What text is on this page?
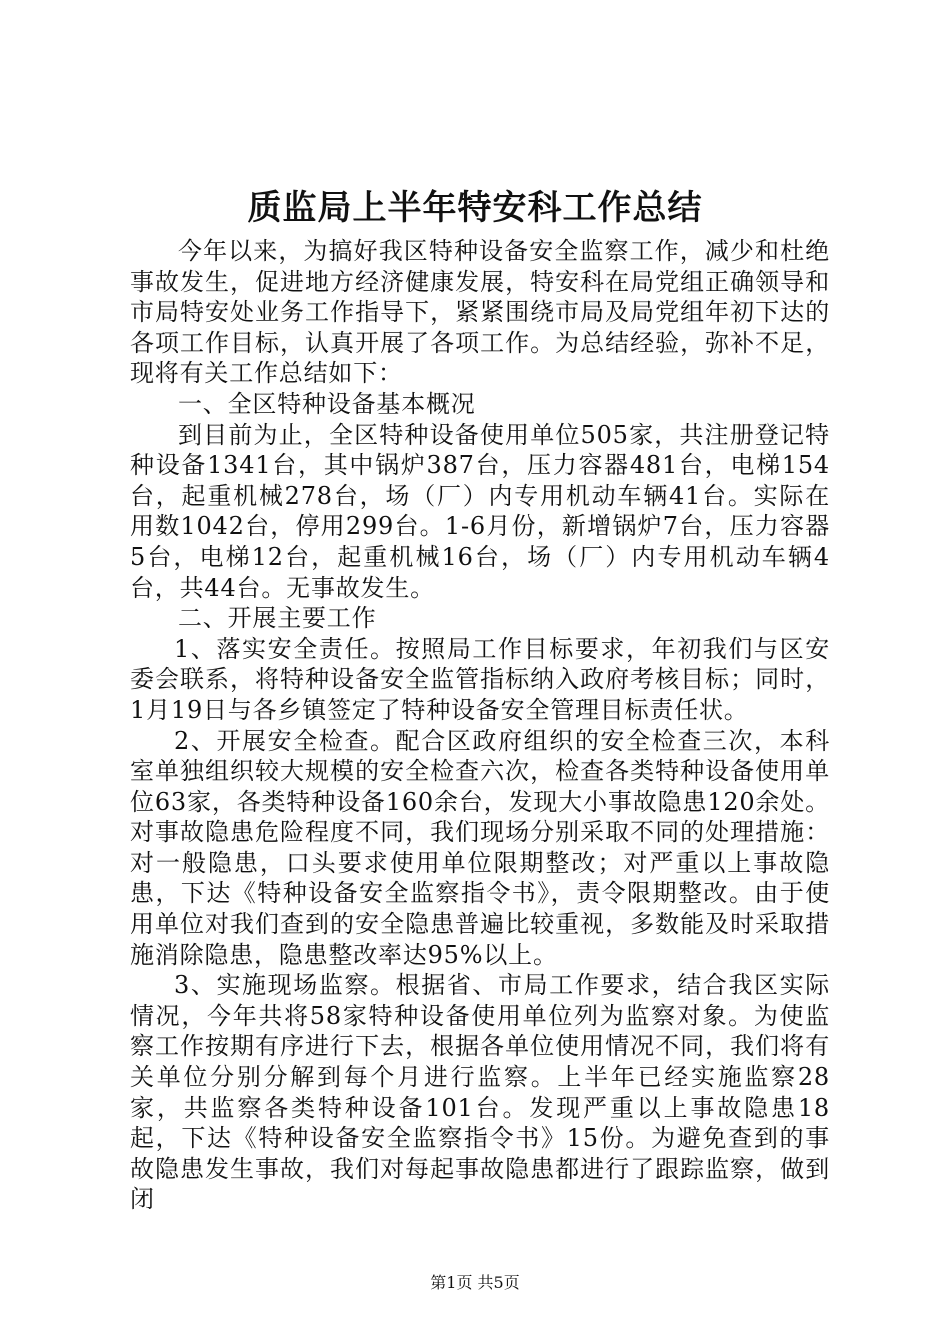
质监局上半年特安科工作总结

今年以来，为搞好我区特种设备安全监察工作，减少和杜绝事故发生，促进地方经济健康发展，特安科在局党组正确领导和市局特安处业务工作指导下，紧紧围绕市局及局党组年初下达的各项工作目标，认真开展了各项工作。为总结经验，弥补不足，现将有关工作总结如下：

一、全区特种设备基本概况

到目前为止，全区特种设备使用单位505家，共注册登记特种设备1341台，其中锅炉387台，压力容器481台，电梯154台，起重机械278台，场（厂）内专用机动车辆41台。实际在用数1042台，停用299台。1-6月份，新增锅炉7台，压力容器5台，电梯12台，起重机械16台，场（厂）内专用机动车辆4台，共44台。无事故发生。

二、开展主要工作

1、落实安全责任。按照局工作目标要求，年初我们与区安委会联系，将特种设备安全监管指标纳入政府考核目标；同时，1月19日与各乡镇签定了特种设备安全管理目标责任状。

2、开展安全检查。配合区政府组织的安全检查三次，本科室单独组织较大规模的安全检查六次，检查各类特种设备使用单位63家，各类特种设备160余台，发现大小事故隐患120余处。对事故隐患危险程度不同，我们现场分别采取不同的处理措施：对一般隐患，口头要求使用单位限期整改；对严重以上事故隐患，下达《特种设备安全监察指令书》，责令限期整改。由于使用单位对我们查到的安全隐患普遍比较重视，多数能及时采取措施消除隐患，隐患整改率达95%以上。

3、实施现场监察。根据省、市局工作要求，结合我区实际情况，今年共将58家特种设备使用单位列为监察对象。为使监察工作按期有序进行下去，根据各单位使用情况不同，我们将有关单位分别分解到每个月进行监察。上半年已经实施监察28家，共监察各类特种设备101台。发现严重以上事故隐患18起，下达《特种设备安全监察指令书》15份。为避免查到的事故隐患发生事故，我们对每起事故隐患都进行了跟踪监察，做到闭

第1页 共5页
